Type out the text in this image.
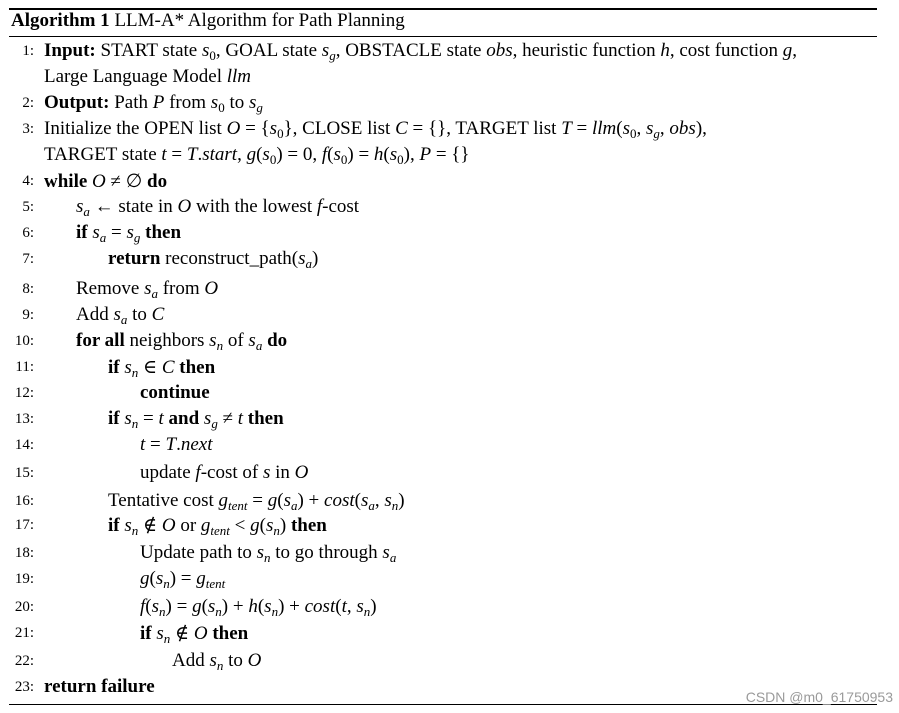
Algorithm 1 LLM-A* Algorithm for Path Planning
1: Input: START state $s_0$, GOAL state $s_g$, OBSTACLE state obs, heuristic function h, cost function g,
Large Language Model llm
2: Output: Path P from $s_0$ to $s_g$
3: Initialize the OPEN list $O = \{s_0\}$, CLOSE list C = {}, TARGET list $T = llm(s_0$, $s_g$, obs),
TARGET state t = T.start, $g(s_0) = 0$, $f(s_0) = h(s_0)$, P = {}
4: while O ≠ ∅ do
5: $s_a$ ← state in O with the lowest f-cost
6: if $s_a = s_g$ then
7:	return $reconstruct\_path(s_a)$
8: Remove $s_a$ from O
9: Add $s_a$ to C
10: for all neighbors $s_n$ of $s_a$ do
11:	if $s_n$ ∈ C then
12:	continue
13:	if $s_n = t$ and $s_g \ne t$ then
14:	t = T.next
15:	update f-cost of s in O
16:	Tentative cost $g_{tent} = g(s_a) + \cos t(s_a$, $s_n$)
17:	if $s_n$ ∉ O or $g_{tent} < g(s_n)$ then
18:	Update path to $s_n$ to go through $s_a$
19:	$g(s_n) = g_{tent}$
20:	$f(s_n) = g(s_n) + h(s_n) + \cos t(t$, $s_n$)
21:	if $s_n$ ∉ O then
22:	Add $s_n$ to O
23: return failure	CSDN @m0_61750953
